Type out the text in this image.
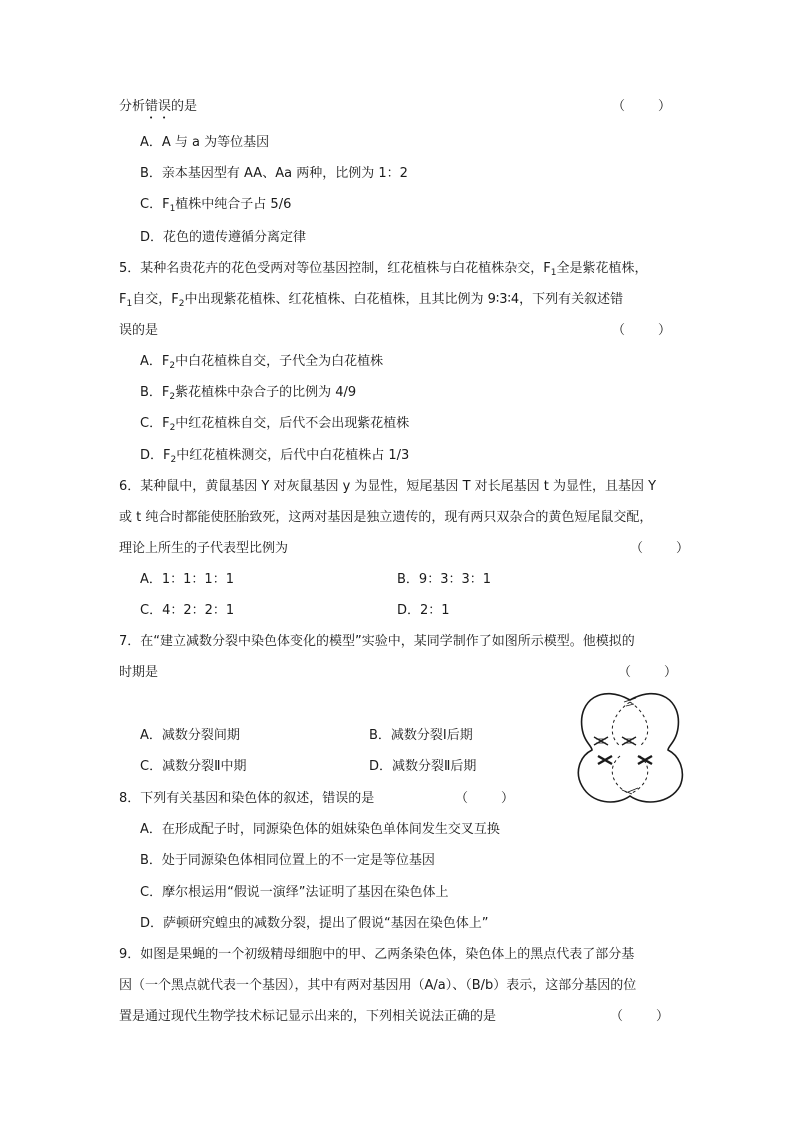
分析错误的是	（        ）
A．A 与 a 为等位基因
B．亲本基因型有 AA、Aa 两种，比例为 1：2
C．$F_1$植株中纯合子占 5/6
D．花色的遗传遵循分离定律
5．某种名贵花卉的花色受两对等位基因控制，红花植株与白花植株杂交，$F_1$全是紫花植株，
$F_1$自交，$F_2$中出现紫花植株、红花植株、白花植株，且其比例为 9∶3∶4，下列有关叙述错
误的是	（        ）
A．$F_2$中白花植株自交，子代全为白花植株
B．$F_2$紫花植株中杂合子的比例为 4/9
C．$F_2$中红花植株自交，后代不会出现紫花植株
D．$F_2$中红花植株测交，后代中白花植株占 1/3
6．某种鼠中，黄鼠基因 Y 对灰鼠基因 y 为显性，短尾基因 T 对长尾基因 t 为显性，且基因 Y
或 t 纯合时都能使胚胎致死，这两对基因是独立遗传的，现有两只双杂合的黄色短尾鼠交配，
理论上所生的子代表型比例为	（        ）
A．1：1：1：1	B．9：3：3：1
C．4：2：2：1	D．2：1
7．在“建立减数分裂中染色体变化的模型”实验中，某同学制作了如图所示模型。他模拟的
时期是	（        ）
A．减数分裂间期	B．减数分裂Ⅰ后期
C．减数分裂Ⅱ中期	D．减数分裂Ⅱ后期
8．下列有关基因和染色体的叙述，错误的是	（        ）
A．在形成配子时，同源染色体的姐妹染色单体间发生交叉互换
B．处于同源染色体相同位置上的不一定是等位基因
C．摩尔根运用“假说一演绎”法证明了基因在染色体上
D．萨顿研究蝗虫的减数分裂，提出了假说“基因在染色体上”
9．如图是果蝇的一个初级精母细胞中的甲、乙两条染色体，染色体上的黑点代表了部分基
因（一个黑点就代表一个基因），其中有两对基因用（A/a）、（B/b）表示，这部分基因的位
置是通过现代生物学技术标记显示出来的，下列相关说法正确的是	（        ）
